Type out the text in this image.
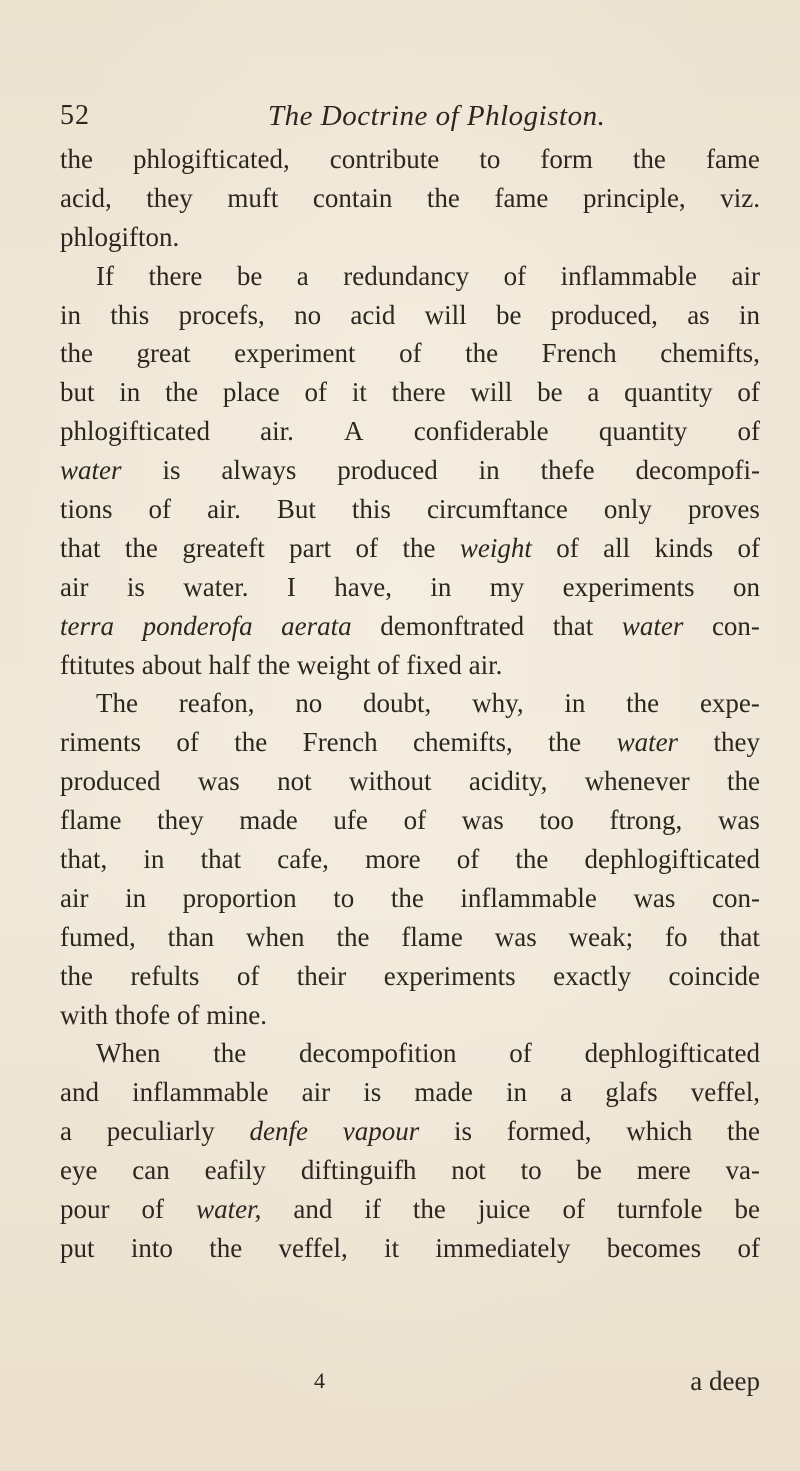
52	The Doctrine of Phlogiston.
the phlogifticated, contribute to form the fame
acid, they muft contain the fame principle, viz.
phlogifton.
If there be a redundancy of inflammable air
in this procefs, no acid will be produced, as in
the great experiment of the French chemifts,
but in the place of it there will be a quantity of
phlogifticated air. A confiderable quantity of
water is always produced in thefe decompofi-
tions of air. But this circumftance only proves
that the greateft part of the weight of all kinds of
air is water. I have, in my experiments on
terra ponderofa aerata demonftrated that water con-
ftitutes about half the weight of fixed air.
The reafon, no doubt, why, in the expe-
riments of the French chemifts, the water they
produced was not without acidity, whenever the
flame they made ufe of was too ftrong, was
that, in that cafe, more of the dephlogifticated
air in proportion to the inflammable was con-
fumed, than when the flame was weak; fo that
the refults of their experiments exactly coincide
with thofe of mine.
When the decompofition of dephlogifticated
and inflammable air is made in a glafs veffel,
a peculiarly denfe vapour is formed, which the
eye can eafily diftinguifh not to be mere va-
pour of water, and if the juice of turnfole be
put into the veffel, it immediately becomes of
4	a deep
